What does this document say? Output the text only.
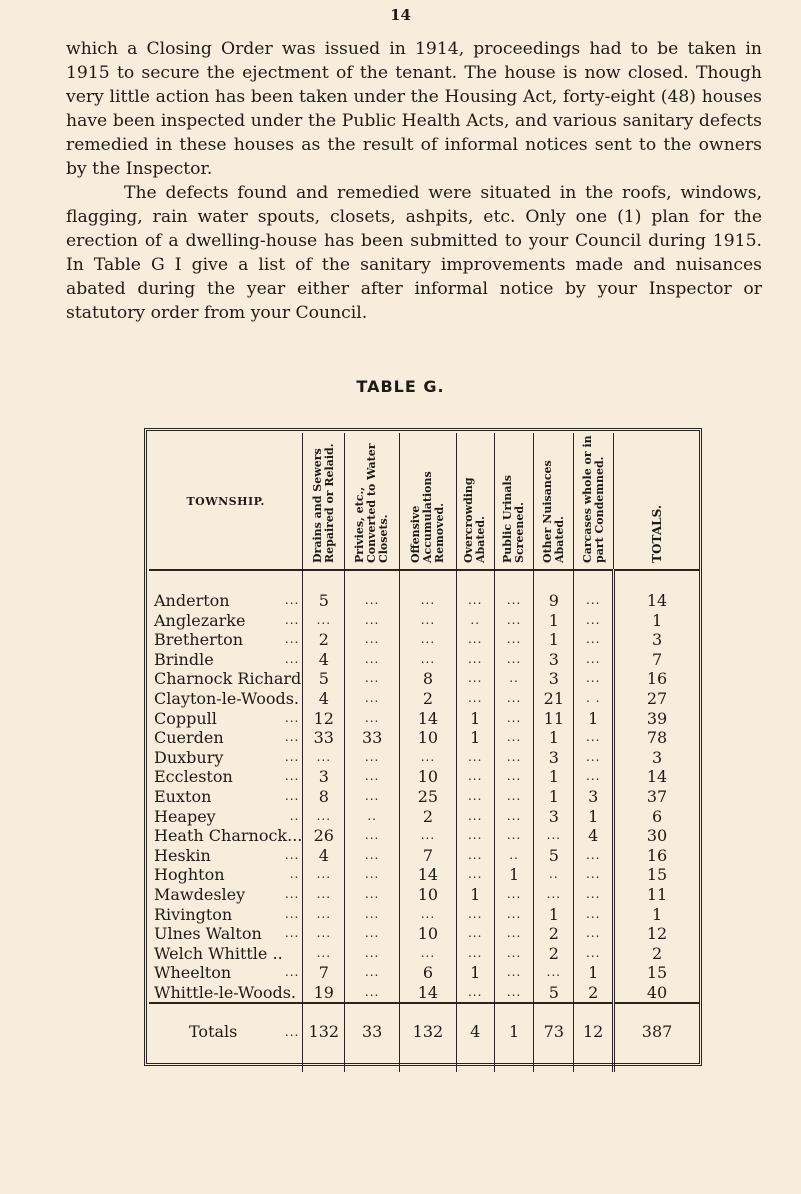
14
which a Closing Order was issued in 1914, proceedings had to be taken in 1915 to secure the ejectment of the tenant. The house is now closed. Though very little action has been taken under the Housing Act, forty-eight (48) houses have been inspected under the Public Health Acts, and various sanitary defects remedied in these houses as the result of informal notices sent to the owners by the Inspector.
The defects found and remedied were situated in the roofs, windows, flagging, rain water spouts, closets, ashpits, etc. Only one (1) plan for the erection of a dwelling-house has been submitted to your Council during 1915. In Table G I give a list of the sanitary improvements made and nuisances abated during the year either after informal notice by your Inspector or statutory order from your Council.
TABLE G.
TOWNSHIP.	Drains and Sewers Repaired or Relaid.	Privies, etc., Converted to Water Closets.	Offensive Accumulations Removed.	Overcrowding Abated.	Public Urinals Screened.	Other Nuisances Abated.	Carcases whole or in part Condemned.	TOTALS.

Anderton ...	5	...	...	...	...	9	...	14
Anglezarke ...	...	...	...	..	...	1	...	1
Bretherton ...	2	...	...	...	...	1	...	3
Brindle ...	4	...	...	...	...	3	...	7
Charnock Richard	5	...	8	...	..	3	...	16
Clayton-le-Woods.	4	...	2	...	...	21	. .	27
Coppull ...	12	...	14	1	...	11	1	39
Cuerden ...	33	33	10	1	...	1	...	78
Duxbury ...	...	...	...	...	...	3	...	3
Eccleston ...	3	...	10	...	...	1	...	14
Euxton ...	8	...	25	...	...	1	3	37
Heapey ..	...	..	2	...	...	3	1	6
Heath Charnock...	26	...	...	...	...	...	4	30
Heskin ...	4	...	7	...	..	5	...	16
Hoghton ..	...	...	14	...	1	..	...	15
Mawdesley ...	...	...	10	1	...	...	...	11
Rivington ...	...	...	...	...	...	1	...	1
Ulnes Walton ...	...	...	10	...	...	2	...	12
Welch Whittle ..	...	...	...	...	...	2	...	2
Wheelton ...	7	...	6	1	...	...	1	15
Whittle-le-Woods.	19	...	14	...	...	5	2	40
Totals ...	132	33	132	4	1	73	12	387
